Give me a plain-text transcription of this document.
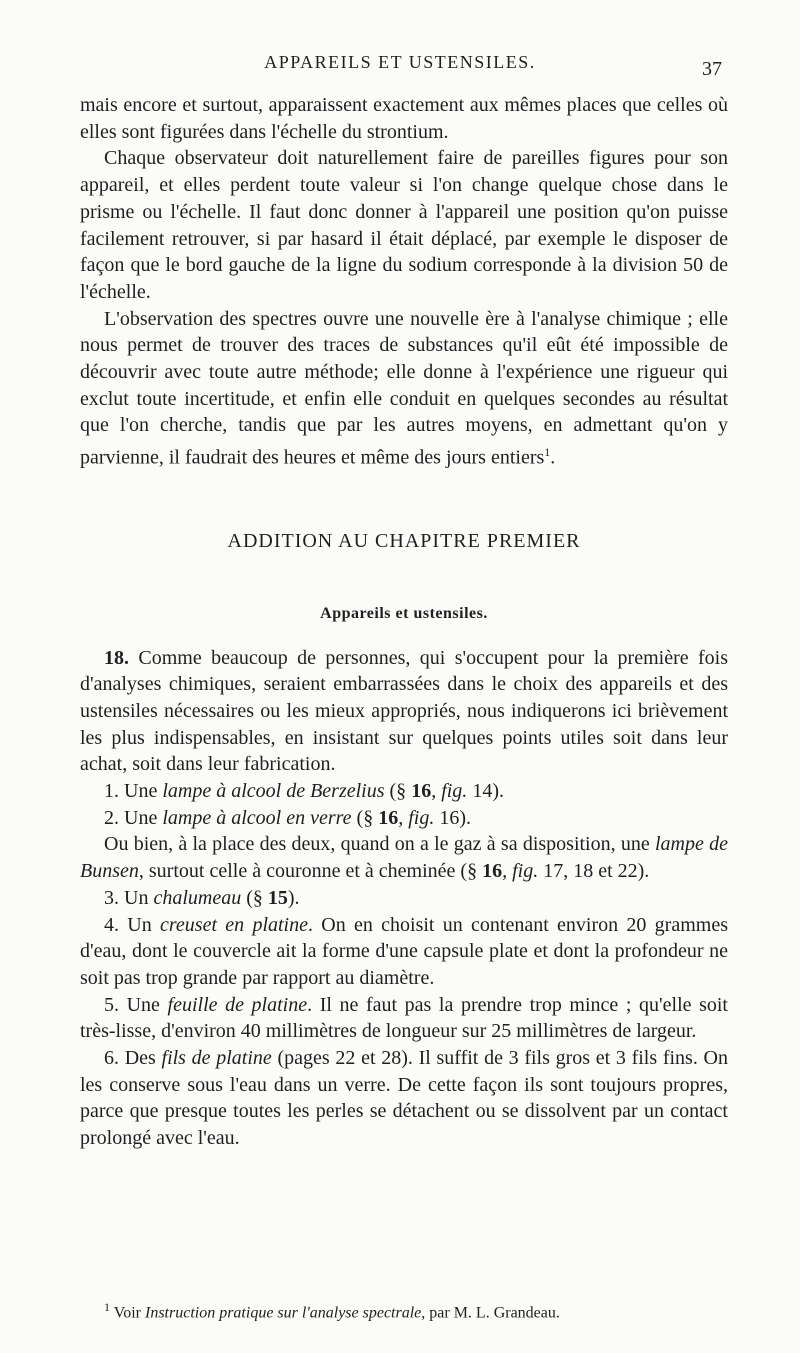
APPAREILS ET USTENSILES.	37

mais encore et surtout, apparaissent exactement aux mêmes places que celles où elles sont figurées dans l'échelle du strontium.

Chaque observateur doit naturellement faire de pareilles figures pour son appareil, et elles perdent toute valeur si l'on change quelque chose dans le prisme ou l'échelle. Il faut donc donner à l'appareil une position qu'on puisse facilement retrouver, si par hasard il était déplacé, par exemple le disposer de façon que le bord gauche de la ligne du sodium corresponde à la division 50 de l'échelle.

L'observation des spectres ouvre une nouvelle ère à l'analyse chimique ; elle nous permet de trouver des traces de substances qu'il eût été impossible de découvrir avec toute autre méthode; elle donne à l'expérience une rigueur qui exclut toute incertitude, et enfin elle conduit en quelques secondes au résultat que l'on cherche, tandis que par les autres moyens, en admettant qu'on y parvienne, il faudrait des heures et même des jours entiers$^1$.

ADDITION AU CHAPITRE PREMIER
Appareils et ustensiles.

18. Comme beaucoup de personnes, qui s'occupent pour la première fois d'analyses chimiques, seraient embarrassées dans le choix des appareils et des ustensiles nécessaires ou les mieux appropriés, nous indiquerons ici brièvement les plus indispensables, en insistant sur quelques points utiles soit dans leur achat, soit dans leur fabrication.

1. Une lampe à alcool de Berzelius (§ 16, fig. 14).

2. Une lampe à alcool en verre (§ 16, fig. 16).

Ou bien, à la place des deux, quand on a le gaz à sa disposition, une lampe de Bunsen, surtout celle à couronne et à cheminée (§ 16, fig. 17, 18 et 22).

3. Un chalumeau (§ 15).

4. Un creuset en platine. On en choisit un contenant environ 20 grammes d'eau, dont le couvercle ait la forme d'une capsule plate et dont la profondeur ne soit pas trop grande par rapport au diamètre.

5. Une feuille de platine. Il ne faut pas la prendre trop mince ; qu'elle soit très-lisse, d'environ 40 millimètres de longueur sur 25 millimètres de largeur.

6. Des fils de platine (pages 22 et 28). Il suffit de 3 fils gros et 3 fils fins. On les conserve sous l'eau dans un verre. De cette façon ils sont toujours propres, parce que presque toutes les perles se détachent ou se dissolvent par un contact prolongé avec l'eau.

$^1$ Voir Instruction pratique sur l'analyse spectrale, par M. L. Grandeau.
